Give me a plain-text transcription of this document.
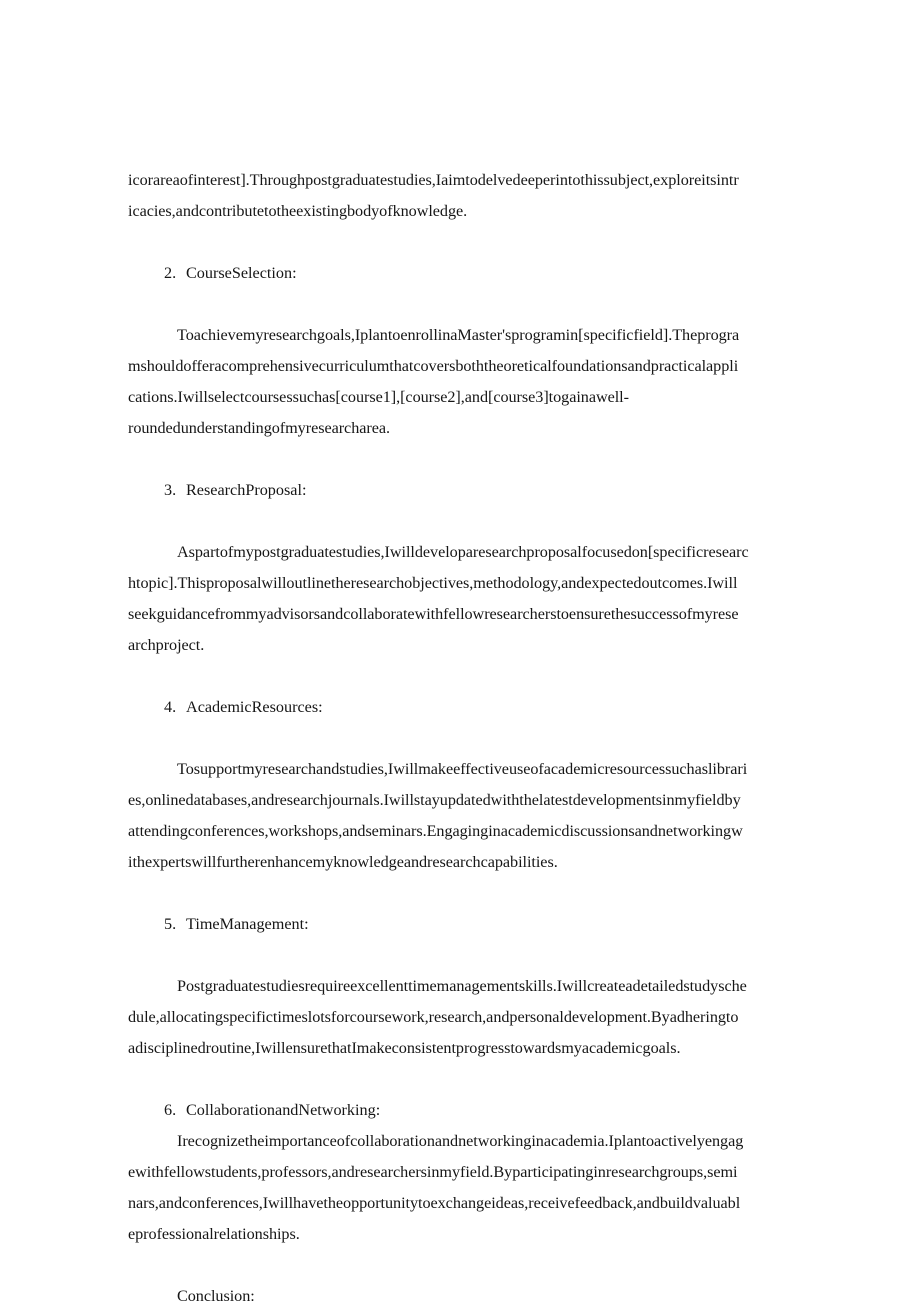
icorareaofinterest].Throughpostgraduatestudies,Iaimtodelvedeeperintothissubject,exploreitsintr
icacies,andcontributetotheexistingbodyofknowledge.
2. CourseSelection:
Toachievemyresearchgoals,IplantoenrollinaMaster'sprogramin[specificfield].Theprogra
mshouldofferacomprehensivecurriculumthatcoversboththeoreticalfoundationsandpracticalappli
cations.Iwillselectcoursessuchas[course1],[course2],and[course3]togainawell-
roundedunderstandingofmyresearcharea.
3. ResearchProposal:
Aspartofmypostgraduatestudies,Iwilldeveloparesearchproposalfocusedon[specificresearc
htopic].Thisproposalwilloutlinetheresearchobjectives,methodology,andexpectedoutcomes.Iwill
seekguidancefrommyadvisorsandcollaboratewithfellowresearcherstoensurethesuccessofmyrese
archproject.
4. AcademicResources:
Tosupportmyresearchandstudies,Iwillmakeeffectiveuseofacademicresourcessuchaslibrari
es,onlinedatabases,andresearchjournals.Iwillstayupdatedwiththelatestdevelopmentsinmyfieldby
attendingconferences,workshops,andseminars.Engaginginacademicdiscussionsandnetworkingw
ithexpertswillfurtherenhancemyknowledgeandresearchcapabilities.
5. TimeManagement:
Postgraduatestudiesrequireexcellenttimemanagementskills.Iwillcreateadetailedstudysche
dule,allocatingspecifictimeslotsforcoursework,research,andpersonaldevelopment.Byadheringto
adisciplinedroutine,IwillensurethatImakeconsistentprogresstowardsmyacademicgoals.
6. CollaborationandNetworking:
Irecognizetheimportanceofcollaborationandnetworkinginacademia.Iplantoactivelyengag
ewithfellowstudents,professors,andresearchersinmyfield.Byparticipatinginresearchgroups,semi
nars,andconferences,Iwillhavetheopportunitytoexchangeideas,receivefeedback,andbuildvaluabl
eprofessionalrelationships.
Conclusion:
